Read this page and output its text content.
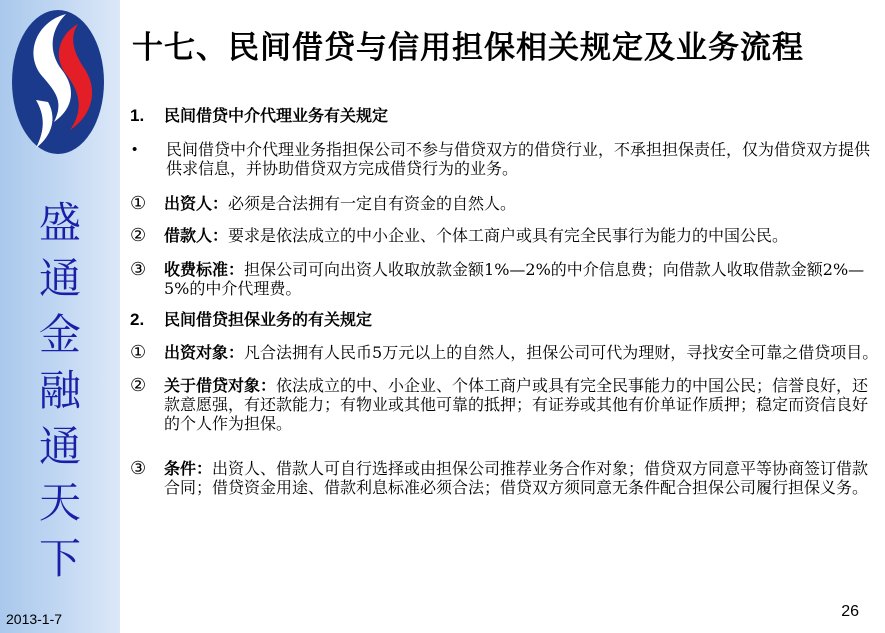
盛
通
金
融
通
天
下
2013-1-7
十七、民间借贷与信用担保相关规定及业务流程
1.	民间借贷中介代理业务有关规定
•	民间借贷中介代理业务指担保公司不参与借贷双方的借贷行业，不承担担保责任，仅为借贷双方提供供求信息，并协助借贷双方完成借贷行为的业务。
①	出资人：必须是合法拥有一定自有资金的自然人。
②	借款人：要求是依法成立的中小企业、个体工商户或具有完全民事行为能力的中国公民。
③	收费标准：担保公司可向出资人收取放款金额1%—2%的中介信息费；向借款人收取借款金额2%—5%的中介代理费。
2.	民间借贷担保业务的有关规定
①	出资对象：凡合法拥有人民币5万元以上的自然人，担保公司可代为理财，寻找安全可靠之借贷项目。
②	关于借贷对象：依法成立的中、小企业、个体工商户或具有完全民事能力的中国公民；信誉良好，还款意愿强，有还款能力；有物业或其他可靠的抵押；有证券或其他有价单证作质押；稳定而资信良好的个人作为担保。
③	条件：出资人、借款人可自行选择或由担保公司推荐业务合作对象；借贷双方同意平等协商签订借款合同；借贷资金用途、借款利息标准必须合法；借贷双方须同意无条件配合担保公司履行担保义务。
26
